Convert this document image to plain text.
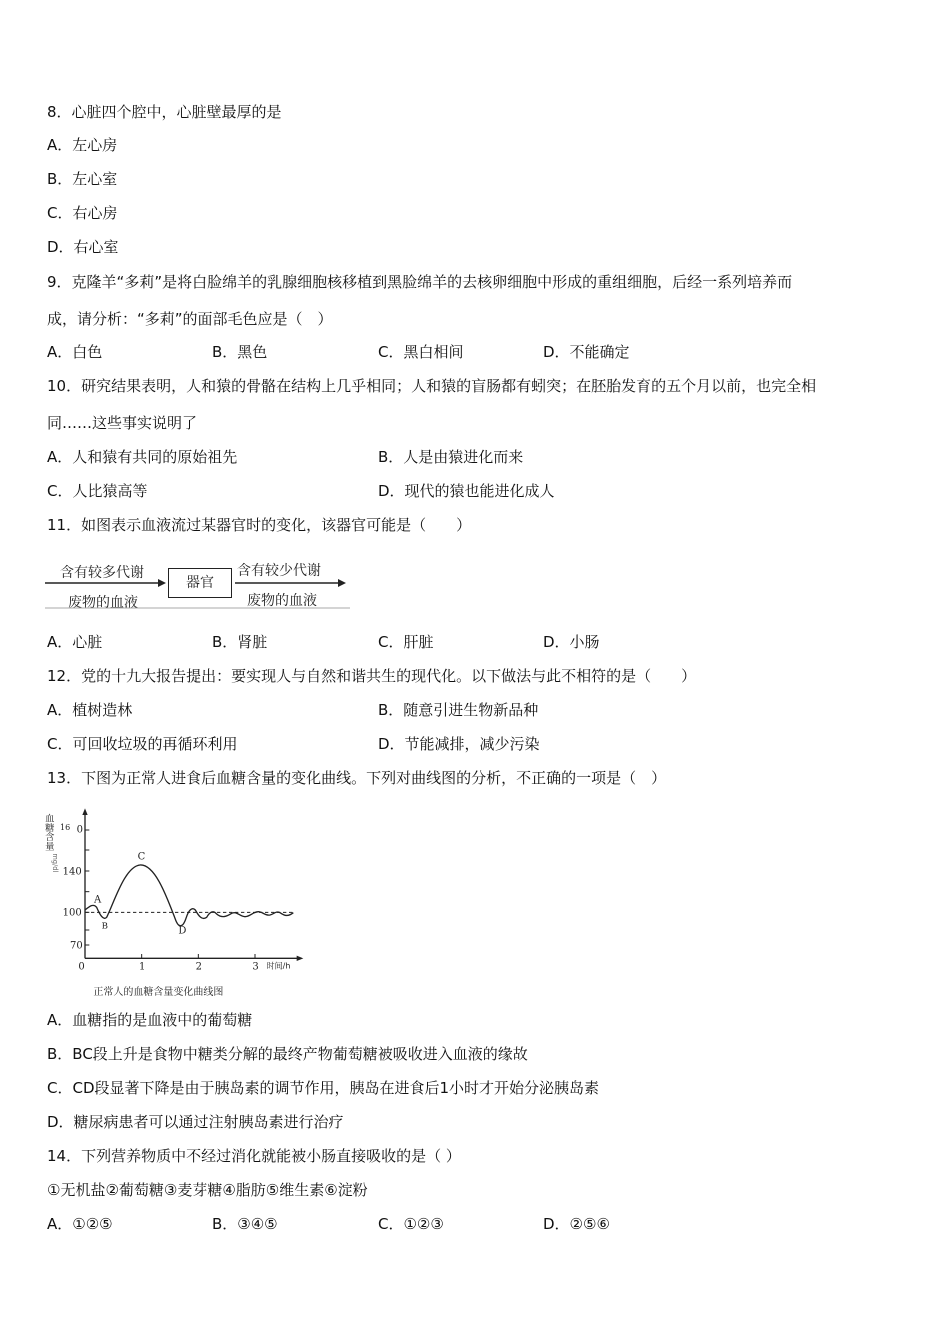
8．心脏四个腔中，心脏壁最厚的是
A．左心房
B．左心室
C．右心房
D．右心室
9．克隆羊“多莉”是将白脸绵羊的乳腺细胞核移植到黑脸绵羊的去核卵细胞中形成的重组细胞，后经一系列培养而
成，请分析：“多莉”的面部毛色应是（　）
A．白色	B．黑色	C．黑白相间	D．不能确定
10．研究结果表明，人和猿的骨骼在结构上几乎相同；人和猿的盲肠都有蚓突；在胚胎发育的五个月以前，也完全相
同……这些事实说明了
A．人和猿有共同的原始祖先	B．人是由猿进化而来
C．人比猿高等	D．现代的猿也能进化成人
11．如图表示血液流过某器官时的变化，该器官可能是（　　）
含有较多代谢
废物的血液
含有较少代谢
废物的血液
器官
A．心脏	B．肾脏	C．肝脏	D．小肠
12．党的十九大报告提出：要实现人与自然和谐共生的现代化。以下做法与此不相符的是（　　）
A．植树造林	B．随意引进生物新品种
C．可回收垃圾的再循环利用	D．节能减排，减少污染
13．下图为正常人进食后血糖含量的变化曲线。下列对曲线图的分析，不正确的一项是（　）
A
B
C
D
16 0
140
100
70
0 1 2 3 时间/h
血糖含量
mg/dl
正常人的血糖含量变化曲线图
A．血糖指的是血液中的葡萄糖
B．BC段上升是食物中糖类分解的最终产物葡萄糖被吸收进入血液的缘故
C．CD段显著下降是由于胰岛素的调节作用，胰岛在进食后1小时才开始分泌胰岛素
D．糖尿病患者可以通过注射胰岛素进行治疗
14．下列营养物质中不经过消化就能被小肠直接吸收的是（ ）
①无机盐②葡萄糖③麦芽糖④脂肪⑤维生素⑥淀粉
A．①②⑤	B．③④⑤	C．①②③	D．②⑤⑥
